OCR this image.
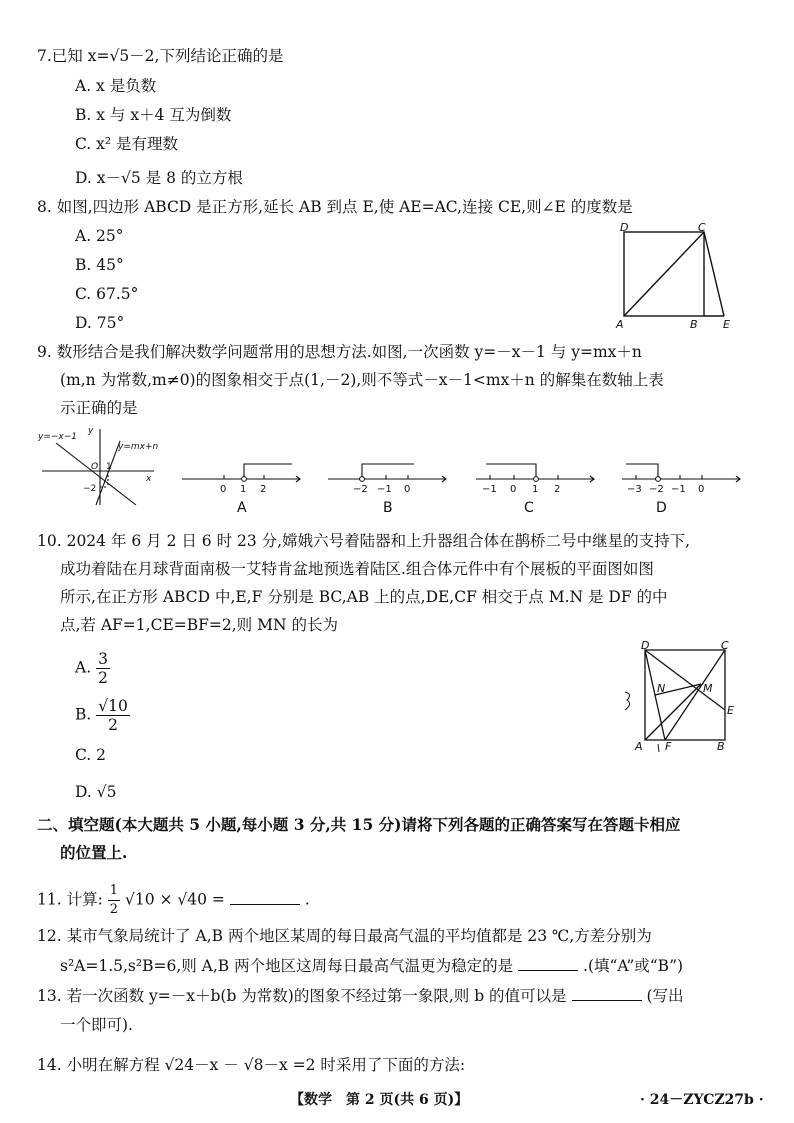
7.已知 x=√5－2,下列结论正确的是
A. x 是负数
B. x 与 x＋4 互为倒数
C. x² 是有理数
D. x－√5 是 8 的立方根
8. 如图,四边形 ABCD 是正方形,延长 AB 到点 E,使 AE=AC,连接 CE,则∠E 的度数是
A. 25°
B. 45°
C. 67.5°
D. 75°
D	C
A	B E
9. 数形结合是我们解决数学问题常用的思想方法.如图,一次函数 y=－x－1 与 y=mx＋n
(m,n 为常数,m≠0)的图象相交于点(1,－2),则不等式－x－1<mx＋n 的解集在数轴上表
示正确的是
y=−x−1
y=mx+n
y
x
O 1
−2	0 1 2
A
−2 −1 0
B
−1 0 1 2
C
−3 −2 −1 0
D
10. 2024 年 6 月 2 日 6 时 23 分,嫦娥六号着陆器和上升器组合体在鹊桥二号中继星的支持下,
成功着陆在月球背面南极一艾特肯盆地预选着陆区.组合体元件中有个展板的平面图如图
所示,在正方形 ABCD 中,E,F 分别是 BC,AB 上的点,DE,CF 相交于点 M.N 是 DF 的中
点,若 AF=1,CE=BF=2,则 MN 的长为
A. $\frac{3}{2}$
B. $\frac{√10}{2}$
C. 2
D. √5
D	C
N	M
E
A F	B
二、填空题(本大题共 5 小题,每小题 3 分,共 15 分)请将下列各题的正确答案写在答题卡相应
的位置上.
11. 计算: $\frac{1}{2} √10 \times √40$ =	.
12. 某市气象局统计了 A,B 两个地区某周的每日最高气温的平均值都是 23 ℃,方差分别为
s²A=1.5,s²B=6,则 A,B 两个地区这周每日最高气温更为稳定的是	.(填“A”或“B”)
13. 若一次函数 y=－x＋b(b 为常数)的图象不经过第一象限,则 b 的值可以是	(写出
一个即可).
14. 小明在解方程 √24－x － √8－x =2 时采用了下面的方法:
【数学　第 2 页(共 6 页)】	· 24－ZYCZ27b ·
